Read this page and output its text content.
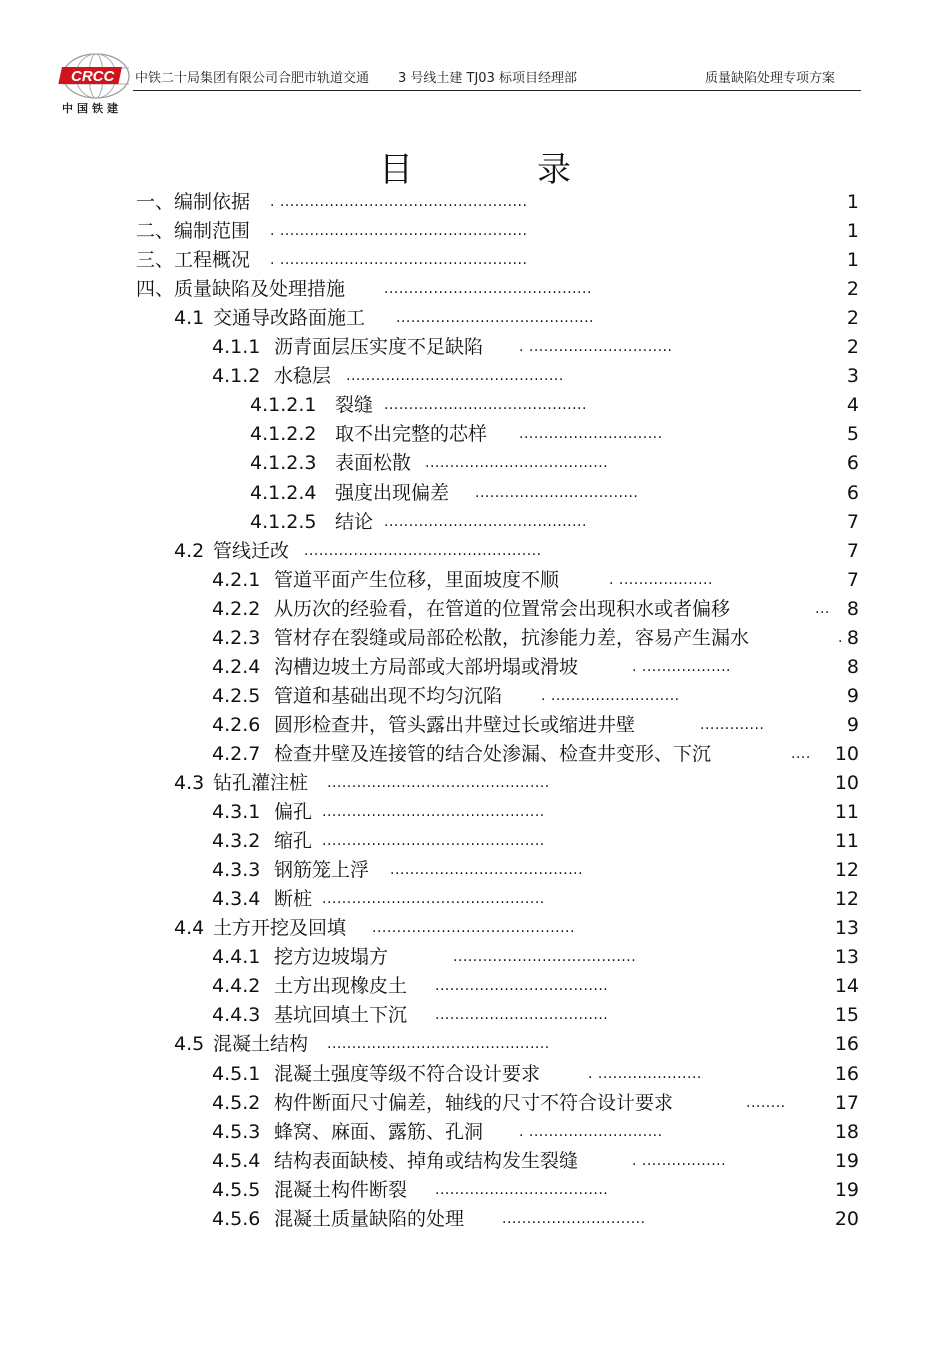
CRCC
中国铁建
中铁二十局集团有限公司合肥市轨道交通 3 号线土建 TJ03 标项目经理部	质量缺陷处理专项方案
目	录
一、编制依据 . ..................................................	1
二、编制范围 . ..................................................	1
三、工程概况 . ..................................................	1
四、质量缺陷及处理措施	..........................................	2
4.1 交通导改路面施工 ........................................	2
4.1.1 沥青面层压实度不足缺陷	. .............................	2
4.1.2 水稳层 ............................................	3
4.1.2.1 裂缝 .........................................	4
4.1.2.2 取不出完整的芯样 .............................	5
4.1.2.3 表面松散 .....................................	6
4.1.2.4 强度出现偏差 .................................	6
4.1.2.5 结论 .........................................	7
4.2 管线迁改 ................................................	7
4.2.1 管道平面产生位移，里面坡度不顺	. ...................	7
4.2.2 从历次的经验看，在管道的位置常会出现积水或者偏移	... 8
4.2.3 管材存在裂缝或局部砼松散，抗渗能力差，容易产生漏水	. 8
4.2.4 沟槽边坡土方局部或大部坍塌或滑坡	. ..................	8
4.2.5 管道和基础出现不均匀沉陷	. ..........................	9
4.2.6 圆形检查井，管头露出井壁过长或缩进井壁	.............	9
4.2.7 检查井壁及连接管的结合处渗漏、检查井变形、下沉	.... 10
4.3 钻孔灌注桩 .............................................	10
4.3.1 偏孔 .............................................	11
4.3.2 缩孔 .............................................	11
4.3.3 钢筋笼上浮 .......................................	12
4.3.4 断桩 .............................................	12
4.4 土方开挖及回填 .........................................	13
4.4.1 挖方边坡塌方	.....................................	13
4.4.2 土方出现橡皮土 ...................................	14
4.4.3 基坑回填土下沉 ...................................	15
4.5 混凝土结构 .............................................	16
4.5.1 混凝土强度等级不符合设计要求	. .....................	16
4.5.2 构件断面尺寸偏差，轴线的尺寸不符合设计要求	........	17
4.5.3 蜂窝、麻面、露筋、孔洞	. ...........................	18
4.5.4 结构表面缺棱、掉角或结构发生裂缝	. .................	19
4.5.5 混凝土构件断裂 ...................................	19
4.5.6 混凝土质量缺陷的处理	.............................	20
